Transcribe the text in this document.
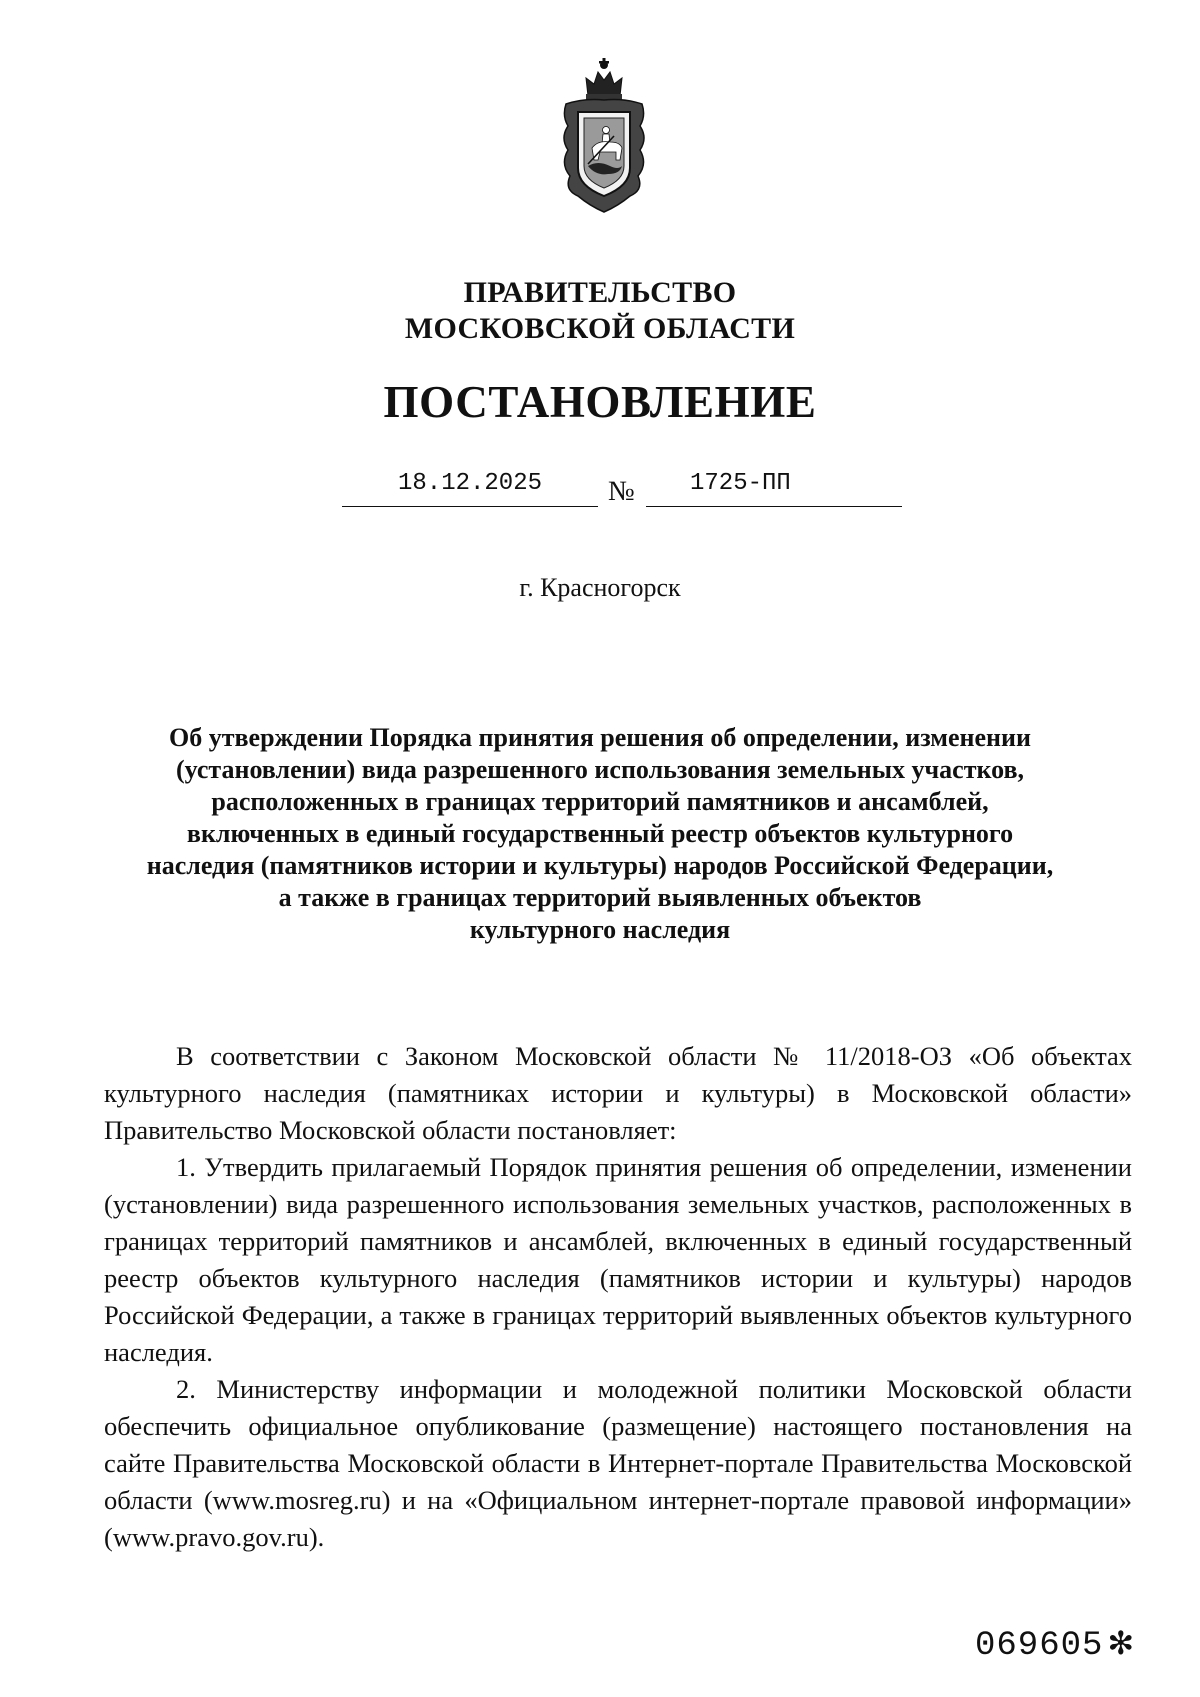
ПРАВИТЕЛЬСТВО

МОСКОВСКОЙ ОБЛАСТИ

ПОСТАНОВЛЕНИЕ

18.12.2025	№ 1725-ПП

г. Красногорск

Об утверждении Порядка принятия решения об определении, изменении
(установлении) вида разрешенного использования земельных участков,
расположенных в границах территорий памятников и ансамблей,
включенных в единый государственный реестр объектов культурного
наследия (памятников истории и культуры) народов Российской Федерации,
а также в границах территорий выявленных объектов
культурного наследия

В соответствии с Законом Московской области № 11/2018-ОЗ «Об объектах культурного наследия (памятниках истории и культуры) в Московской области» Правительство Московской области постановляет:

1. Утвердить прилагаемый Порядок принятия решения об определении, изменении (установлении) вида разрешенного использования земельных участков, расположенных в границах территорий памятников и ансамблей, включенных в единый государственный реестр объектов культурного наследия (памятников истории и культуры) народов Российской Федерации, а также в границах территорий выявленных объектов культурного наследия.

2. Министерству информации и молодежной политики Московской области обеспечить официальное опубликование (размещение) настоящего постановления на сайте Правительства Московской области в Интернет-портале Правительства Московской области (www.mosreg.ru) и на «Официальном интернет-портале правовой информации» (www.pravo.gov.ru).

069605 ✻
